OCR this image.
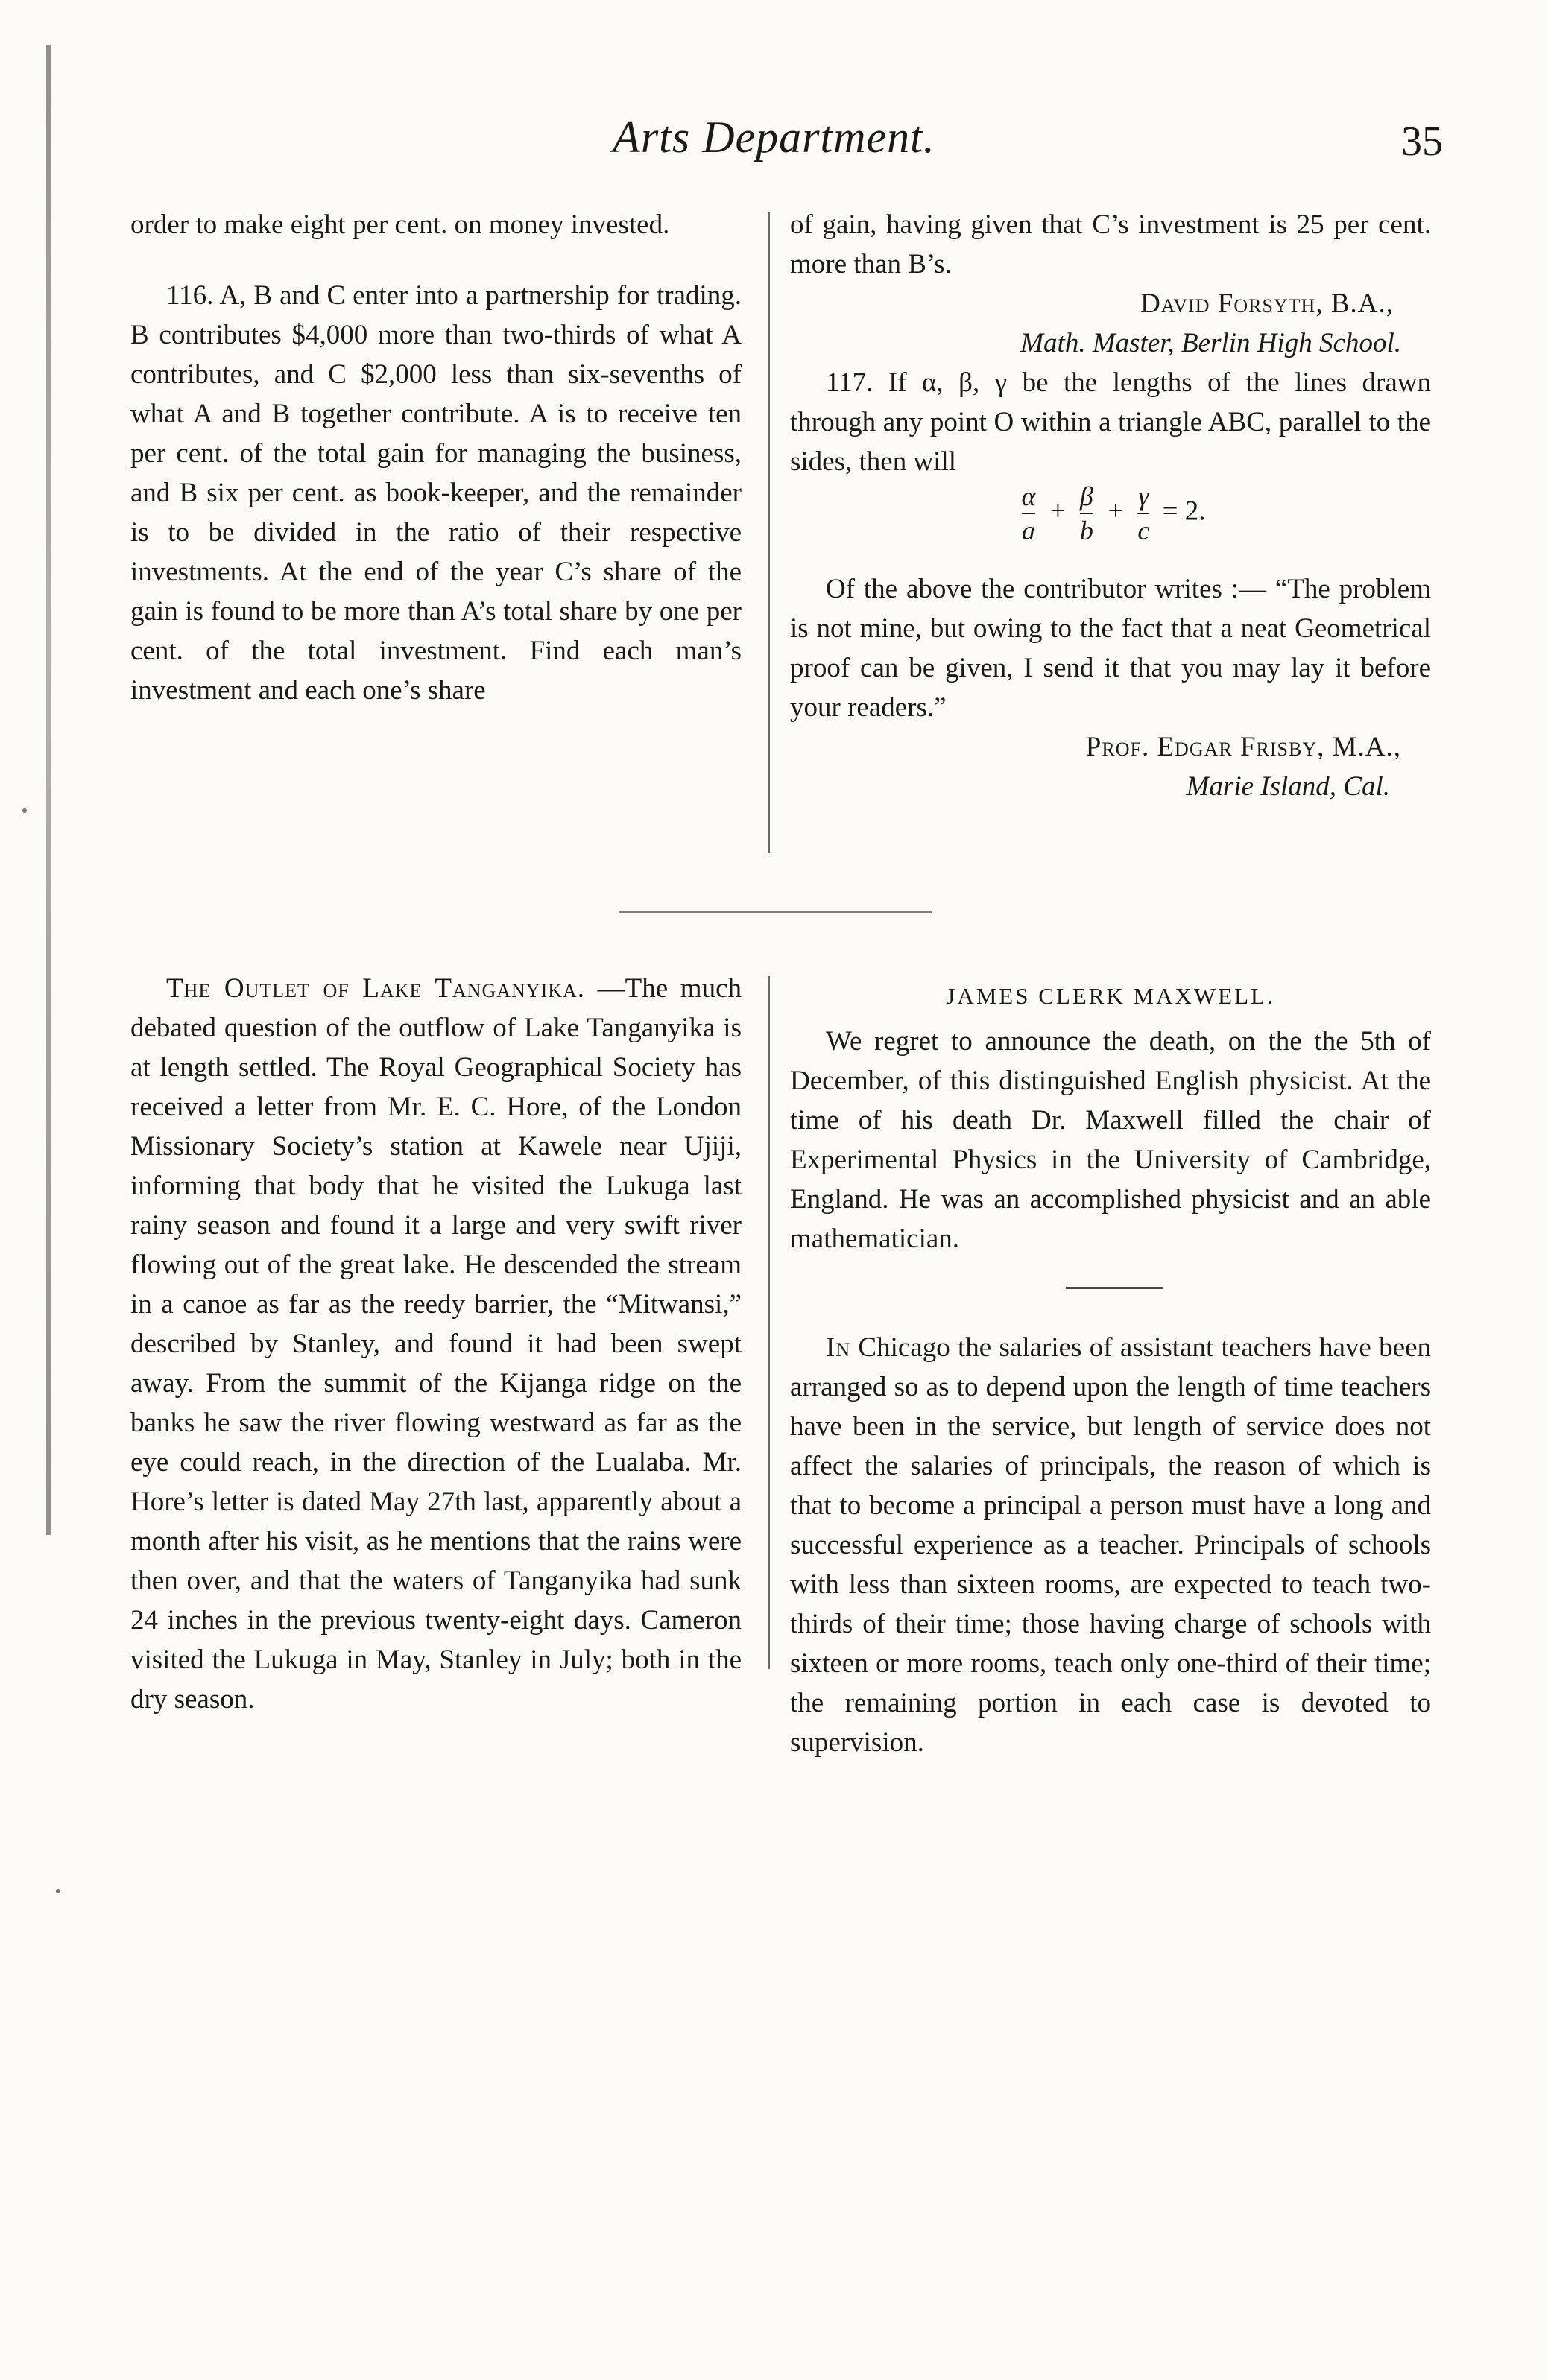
Arts Department.	35

order to make eight per cent. on money invested.

116. A, B and C enter into a partnership for trading. B contributes $4,000 more than two-thirds of what A contributes, and C $2,000 less than six-sevenths of what A and B together contribute. A is to receive ten per cent. of the total gain for managing the business, and B six per cent. as book-keeper, and the remainder is to be divided in the ratio of their respective investments. At the end of the year C’s share of the gain is found to be more than A’s total share by one per cent. of the total investment. Find each man’s investment and each one’s share

of gain, having given that C’s investment is 25 per cent. more than B’s.

David Forsyth, B.A.,

Math. Master, Berlin High School.

117. If α, β, γ be the lengths of the lines drawn through any point O within a triangle ABC, parallel to the sides, then will

$\frac{\alpha}{a} + \frac{\beta}{b} + \frac{\gamma}{c} = 2$.

Of the above the contributor writes :— “The problem is not mine, but owing to the fact that a neat Geometrical proof can be given, I send it that you may lay it before your readers.”

Prof. Edgar Frisby, M.A.,

Marie Island, Cal.

The Outlet of Lake Tanganyika. —The much debated question of the outflow of Lake Tanganyika is at length settled. The Royal Geographical Society has received a letter from Mr. E. C. Hore, of the London Missionary Society’s station at Kawele near Ujiji, informing that body that he visited the Lukuga last rainy season and found it a large and very swift river flowing out of the great lake. He descended the stream in a canoe as far as the reedy barrier, the “Mitwansi,” described by Stanley, and found it had been swept away. From the summit of the Kijanga ridge on the banks he saw the river flowing westward as far as the eye could reach, in the direction of the Lualaba. Mr. Hore’s letter is dated May 27th last, apparently about a month after his visit, as he mentions that the rains were then over, and that the waters of Tanganyika had sunk 24 inches in the previous twenty-eight days. Cameron visited the Lukuga in May, Stanley in July; both in the dry season.

JAMES CLERK MAXWELL.

We regret to announce the death, on the the 5th of December, of this distinguished English physicist. At the time of his death Dr. Maxwell filled the chair of Experimental Physics in the University of Cambridge, England. He was an accomplished physicist and an able mathematician.

In Chicago the salaries of assistant teachers have been arranged so as to depend upon the length of time teachers have been in the service, but length of service does not affect the salaries of principals, the reason of which is that to become a principal a person must have a long and successful experience as a teacher. Principals of schools with less than sixteen rooms, are expected to teach two-thirds of their time; those having charge of schools with sixteen or more rooms, teach only one-third of their time; the remaining portion in each case is devoted to supervision.
